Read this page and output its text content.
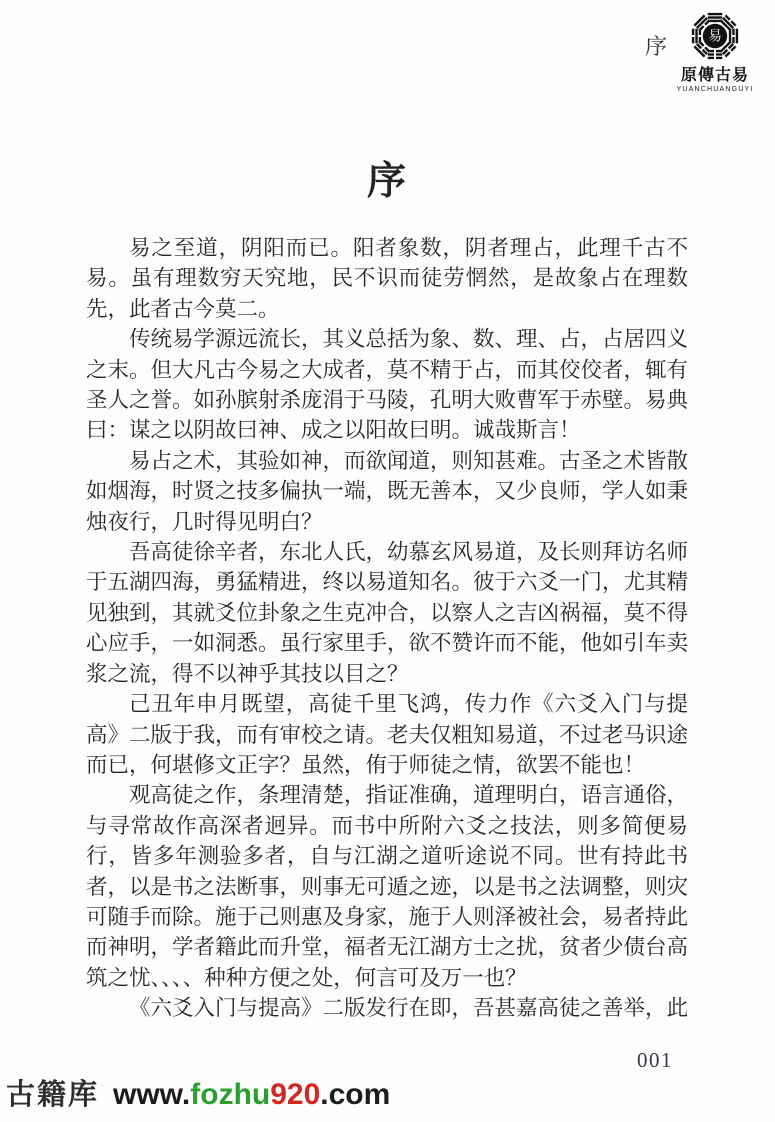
序 易
原傳古易
YUANCHUANGUYI
序

易之至道，阴阳而已。阳者象数，阴者理占，此理千古不易。虽有理数穷天究地，民不识而徒劳惘然，是故象占在理数先，此者古今莫二。

传统易学源远流长，其义总括为象、数、理、占，占居四义之末。但大凡古今易之大成者，莫不精于占，而其佼佼者，辄有圣人之誉。如孙膑射杀庞涓于马陵，孔明大败曹军于赤壁。易典曰：谋之以阴故曰神、成之以阳故曰明。诚哉斯言！

易占之术，其验如神，而欲闻道，则知甚难。古圣之术皆散如烟海，时贤之技多偏执一端，既无善本，又少良师，学人如秉烛夜行，几时得见明白？

吾高徒徐辛者，东北人氏，幼慕玄风易道，及长则拜访名师于五湖四海，勇猛精进，终以易道知名。彼于六爻一门，尤其精见独到，其就爻位卦象之生克冲合，以察人之吉凶祸福，莫不得心应手，一如洞悉。虽行家里手，欲不赞许而不能，他如引车卖浆之流，得不以神乎其技以目之？

己丑年申月既望，高徒千里飞鸿，传力作《六爻入门与提高》二版于我，而有审校之请。老夫仅粗知易道，不过老马识途而已，何堪修文正字？虽然，侑于师徒之情，欲罢不能也！

观高徒之作，条理清楚，指证准确，道理明白，语言通俗，与寻常故作高深者迥异。而书中所附六爻之技法，则多简便易行，皆多年测验多者，自与江湖之道听途说不同。世有持此书者，以是书之法断事，则事无可遁之迹，以是书之法调整，则灾可随手而除。施于己则惠及身家，施于人则泽被社会，易者持此而神明，学者籍此而升堂，福者无江湖方士之扰，贫者少债台高筑之忧、、、、种种方便之处，何言可及万一也？

《六爻入门与提高》二版发行在即，吾甚嘉高徒之善举，此

001
古籍库 www.fozhu920.com
